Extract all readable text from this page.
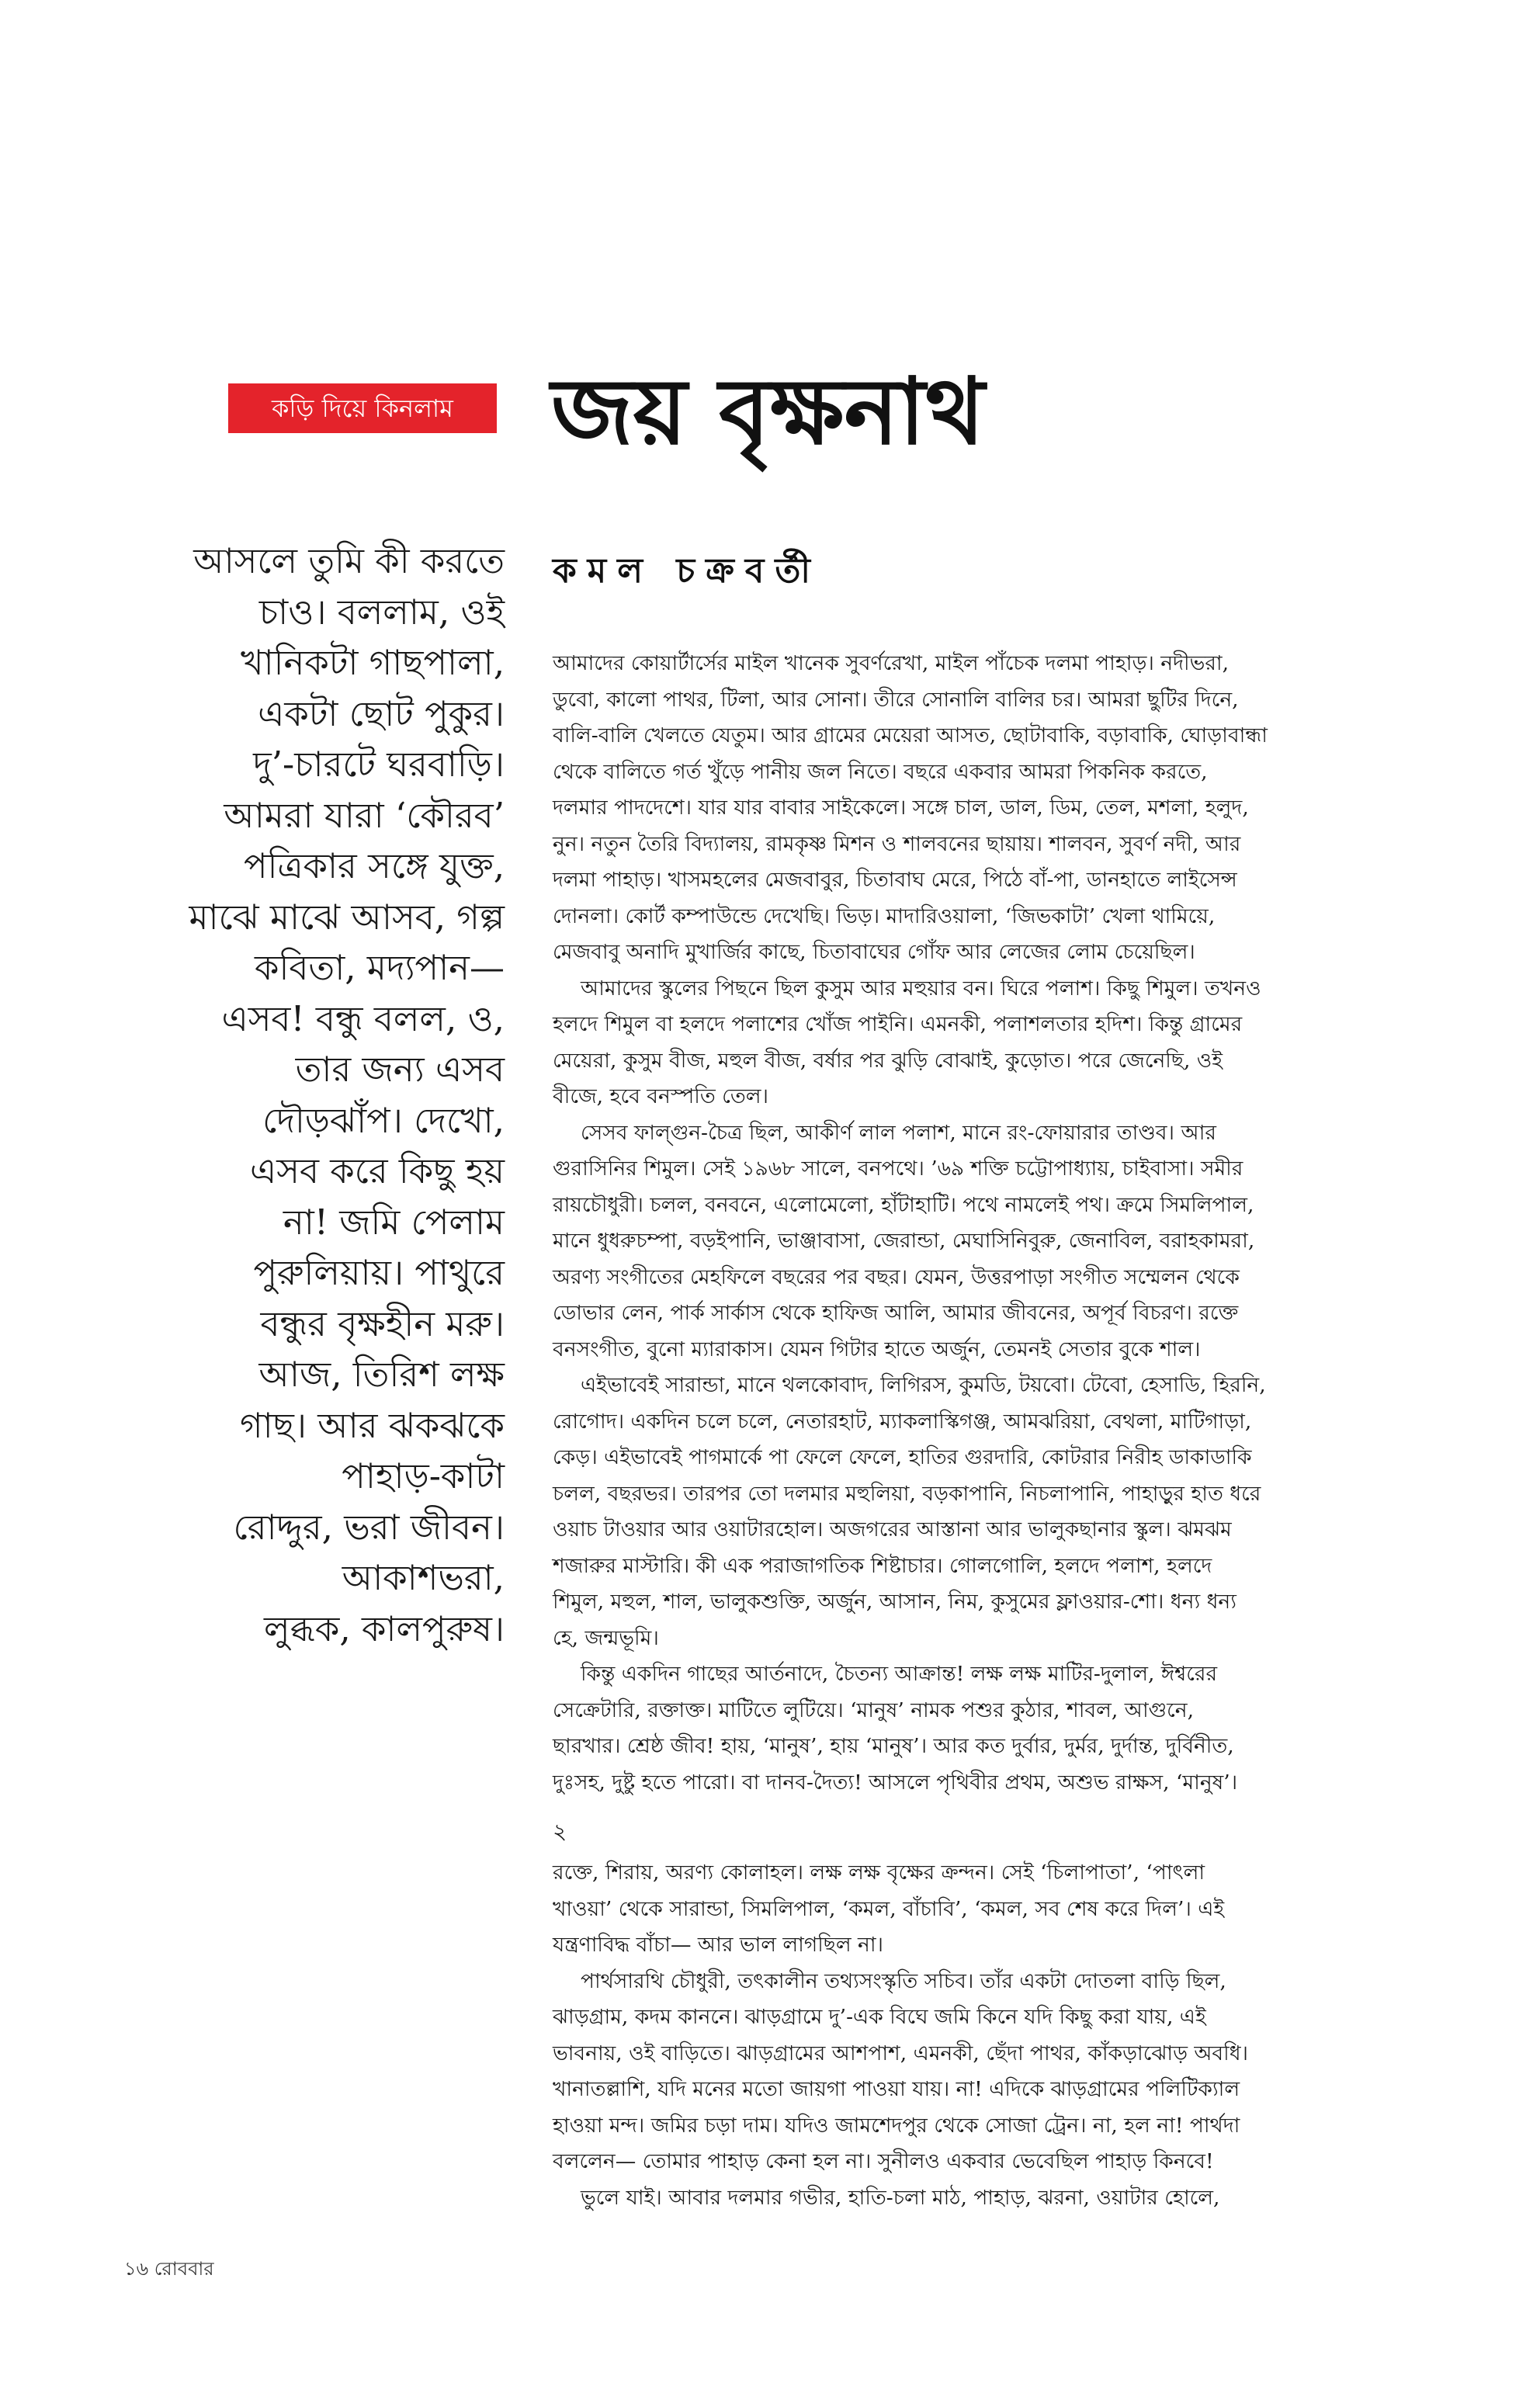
কড়ি দিয়ে কিনলাম	জয় বৃক্ষনাথ
কমল চক্রবর্তী
আসলে তুমি কী করতে
চাও। বললাম, ওই
খানিকটা গাছপালা,
একটা ছোট পুকুর।
দু’-চারটে ঘরবাড়ি।
আমরা যারা ‘কৌরব’
পত্রিকার সঙ্গে যুক্ত,
মাঝে মাঝে আসব, গল্প
কবিতা, মদ্যপান—
এসব! বন্ধু বলল, ও,
তার জন্য এসব
দৌড়ঝাঁপ। দেখো,
এসব করে কিছু হয়
না! জমি পেলাম
পুরুলিয়ায়। পাথুরে
বন্ধুর বৃক্ষহীন মরু।
আজ, তিরিশ লক্ষ
গাছ। আর ঝকঝকে
পাহাড়-কাটা
রোদ্দুর, ভরা জীবন।
আকাশভরা,
লুব্ধক, কালপুরুষ।
আমাদের কোয়ার্টার্সের মাইল খানেক সুবর্ণরেখা, মাইল পাঁচেক দলমা পাহাড়। নদীভরা,
ডুবো, কালো পাথর, টিলা, আর সোনা। তীরে সোনালি বালির চর। আমরা ছুটির দিনে,
বালি-বালি খেলতে যেতুম। আর গ্রামের মেয়েরা আসত, ছোটাবাকি, বড়াবাকি, ঘোড়াবান্ধা
থেকে বালিতে গর্ত খুঁড়ে পানীয় জল নিতে। বছরে একবার আমরা পিকনিক করতে,
দলমার পাদদেশে। যার যার বাবার সাইকেলে। সঙ্গে চাল, ডাল, ডিম, তেল, মশলা, হলুদ,
নুন। নতুন তৈরি বিদ্যালয়, রামকৃষ্ণ মিশন ও শালবনের ছায়ায়। শালবন, সুবর্ণ নদী, আর
দলমা পাহাড়। খাসমহলের মেজবাবুর, চিতাবাঘ মেরে, পিঠে বাঁ-পা, ডানহাতে লাইসেন্স
দোনলা। কোর্ট কম্পাউন্ডে দেখেছি। ভিড়। মাদারিওয়ালা, ‘জিভকাটা’ খেলা থামিয়ে,
মেজবাবু অনাদি মুখার্জির কাছে, চিতাবাঘের গোঁফ আর লেজের লোম চেয়েছিল।
আমাদের স্কুলের পিছনে ছিল কুসুম আর মহুয়ার বন। ঘিরে পলাশ। কিছু শিমুল। তখনও
হলদে শিমুল বা হলদে পলাশের খোঁজ পাইনি। এমনকী, পলাশলতার হদিশ। কিন্তু গ্রামের
মেয়েরা, কুসুম বীজ, মহুল বীজ, বর্ষার পর ঝুড়ি বোঝাই, কুড়োত। পরে জেনেছি, ওই
বীজে, হবে বনস্পতি তেল।
সেসব ফাল্গুন-চৈত্র ছিল, আকীর্ণ লাল পলাশ, মানে রং-ফোয়ারার তাণ্ডব। আর
গুরাসিনির শিমুল। সেই ১৯৬৮ সালে, বনপথে। ’৬৯ শক্তি চট্টোপাধ্যায়, চাইবাসা। সমীর
রায়চৌধুরী। চলল, বনবনে, এলোমেলো, হাঁটাহাটি। পথে নামলেই পথ। ক্রমে সিমলিপাল,
মানে ধুধরুচম্পা, বড়ইপানি, ভাঞ্জাবাসা, জেরান্ডা, মেঘাসিনিবুরু, জেনাবিল, বরাহকামরা,
অরণ্য সংগীতের মেহফিলে বছরের পর বছর। যেমন, উত্তরপাড়া সংগীত সম্মেলন থেকে
ডোভার লেন, পার্ক সার্কাস থেকে হাফিজ আলি, আমার জীবনের, অপূর্ব বিচরণ। রক্তে
বনসংগীত, বুনো ম্যারাকাস। যেমন গিটার হাতে অর্জুন, তেমনই সেতার বুকে শাল।
এইভাবেই সারান্ডা, মানে থলকোবাদ, লিগিরস, কুমডি, টয়বো। টেবো, হেসাডি, হিরনি,
রোগোদ। একদিন চলে চলে, নেতারহাট, ম্যাকলাস্কিগঞ্জ, আমঝরিয়া, বেথলা, মাটিগাড়া,
কেড়। এইভাবেই পাগমার্কে পা ফেলে ফেলে, হাতির গুরদারি, কোটরার নিরীহ ডাকাডাকি
চলল, বছরভর। তারপর তো দলমার মহুলিয়া, বড়কাপানি, নিচলাপানি, পাহাড়ুর হাত ধরে
ওয়াচ টাওয়ার আর ওয়াটারহোল। অজগরের আস্তানা আর ভালুকছানার স্কুল। ঝমঝম
শজারুর মাস্টারি। কী এক পরাজাগতিক শিষ্টাচার। গোলগোলি, হলদে পলাশ, হলদে
শিমুল, মহুল, শাল, ভালুকশুক্তি, অর্জুন, আসান, নিম, কুসুমের ফ্লাওয়ার-শো। ধন্য ধন্য
হে, জন্মভূমি।
কিন্তু একদিন গাছের আর্তনাদে, চৈতন্য আক্রান্ত! লক্ষ লক্ষ মাটির-দুলাল, ঈশ্বরের
সেক্রেটারি, রক্তাক্ত। মাটিতে লুটিয়ে। ‘মানুষ’ নামক পশুর কুঠার, শাবল, আগুনে,
ছারখার। শ্রেষ্ঠ জীব! হায়, ‘মানুষ’, হায় ‘মানুষ’। আর কত দুর্বার, দুর্মর, দুর্দান্ত, দুর্বিনীত,
দুঃসহ, দুষ্টু হতে পারো। বা দানব-দৈত্য! আসলে পৃথিবীর প্রথম, অশুভ রাক্ষস, ‘মানুষ’।
২
রক্তে, শিরায়, অরণ্য কোলাহল। লক্ষ লক্ষ বৃক্ষের ক্রন্দন। সেই ‘চিলাপাতা’, ‘পাৎলা
খাওয়া’ থেকে সারান্ডা, সিমলিপাল, ‘কমল, বাঁচাবি’, ‘কমল, সব শেষ করে দিল’। এই
যন্ত্রণাবিদ্ধ বাঁচা— আর ভাল লাগছিল না।
পার্থসারথি চৌধুরী, তৎকালীন তথ্যসংস্কৃতি সচিব। তাঁর একটা দোতলা বাড়ি ছিল,
ঝাড়গ্রাম, কদম কাননে। ঝাড়গ্রামে দু’-এক বিঘে জমি কিনে যদি কিছু করা যায়, এই
ভাবনায়, ওই বাড়িতে। ঝাড়গ্রামের আশপাশ, এমনকী, ছেঁদা পাথর, কাঁকড়াঝোড় অবধি।
খানাতল্লাশি, যদি মনের মতো জায়গা পাওয়া যায়। না! এদিকে ঝাড়গ্রামের পলিটিক্যাল
হাওয়া মন্দ। জমির চড়া দাম। যদিও জামশেদপুর থেকে সোজা ট্রেন। না, হল না! পার্থদা
বললেন— তোমার পাহাড় কেনা হল না। সুনীলও একবার ভেবেছিল পাহাড় কিনবে!
ভুলে যাই। আবার দলমার গভীর, হাতি-চলা মাঠ, পাহাড়, ঝরনা, ওয়াটার হোলে,
১৬ রোববার
